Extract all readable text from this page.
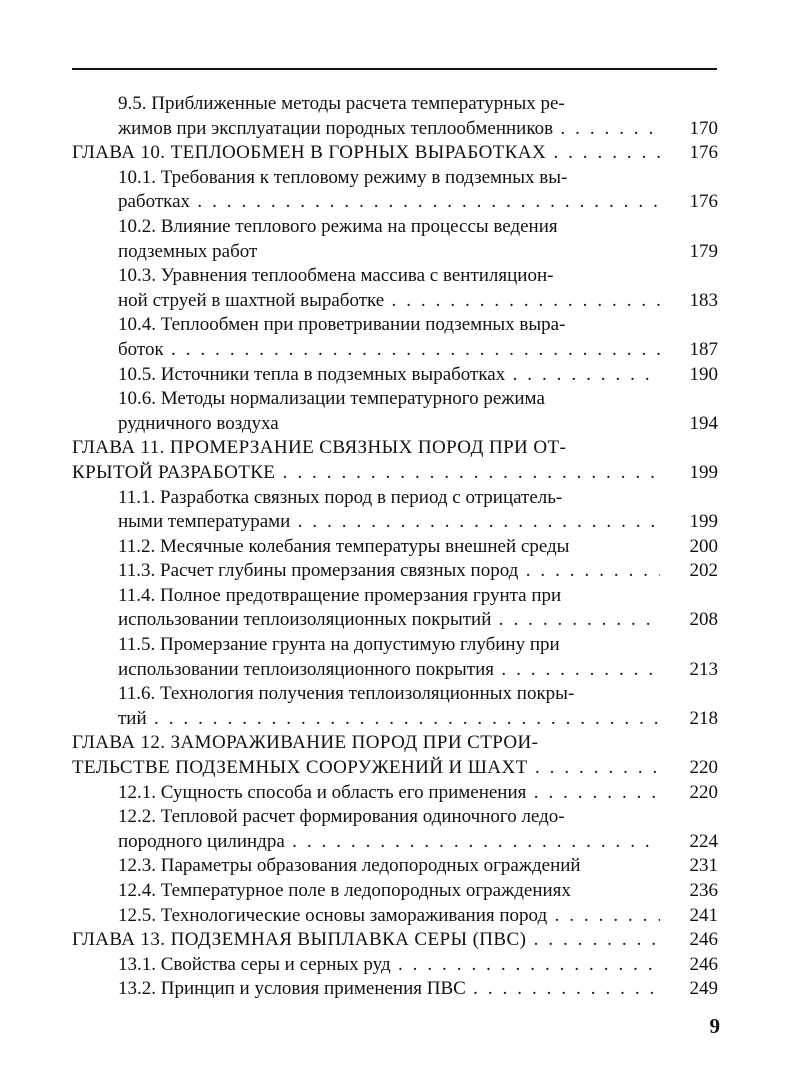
9.5. Приближенные методы расчета температурных ре-
жимов при эксплуатации породных теплообменников . . .	170
ГЛАВА 10. ТЕПЛООБМЕН В ГОРНЫХ ВЫРАБОТКАХ . . .	176
10.1. Требования к тепловому режиму в подземных вы-
работках . . .	176
10.2. Влияние теплового режима на процессы ведения
подземных работ	179
10.3. Уравнения теплообмена массива с вентиляцион-
ной струей в шахтной выработке . . .	183
10.4. Теплообмен при проветривании подземных выра-
боток . . .	187
10.5. Источники тепла в подземных выработках . . .	190
10.6. Методы нормализации температурного режима
рудничного воздуха	194
ГЛАВА 11. ПРОМЕРЗАНИЕ СВЯЗНЫХ ПОРОД ПРИ ОТ-
КРЫТОЙ РАЗРАБОТКЕ . . .	199
11.1. Разработка связных пород в период с отрицатель-
ными температурами . . .	199
11.2. Месячные колебания температуры внешней среды	200
11.3. Расчет глубины промерзания связных пород . . .	202
11.4. Полное предотвращение промерзания грунта при
использовании теплоизоляционных покрытий . . .	208
11.5. Промерзание грунта на допустимую глубину при
использовании теплоизоляционного покрытия . . .	213
11.6. Технология получения теплоизоляционных покры-
тий . . .	218
ГЛАВА 12. ЗАМОРАЖИВАНИЕ ПОРОД ПРИ СТРОИ-
ТЕЛЬСТВЕ ПОДЗЕМНЫХ СООРУЖЕНИЙ И ШАХТ . . .	220
12.1. Сущность способа и область его применения . . .	220
12.2. Тепловой расчет формирования одиночного ледо-
породного цилиндра . . .	224
12.3. Параметры образования ледопородных ограждений	231
12.4. Температурное поле в ледопородных ограждениях	236
12.5. Технологические основы замораживания пород . . .	241
ГЛАВА 13. ПОДЗЕМНАЯ ВЫПЛАВКА СЕРЫ (ПВС) . . .	246
13.1. Свойства серы и серных руд . . .	246
13.2. Принцип и условия применения ПВС . . .	249
9
